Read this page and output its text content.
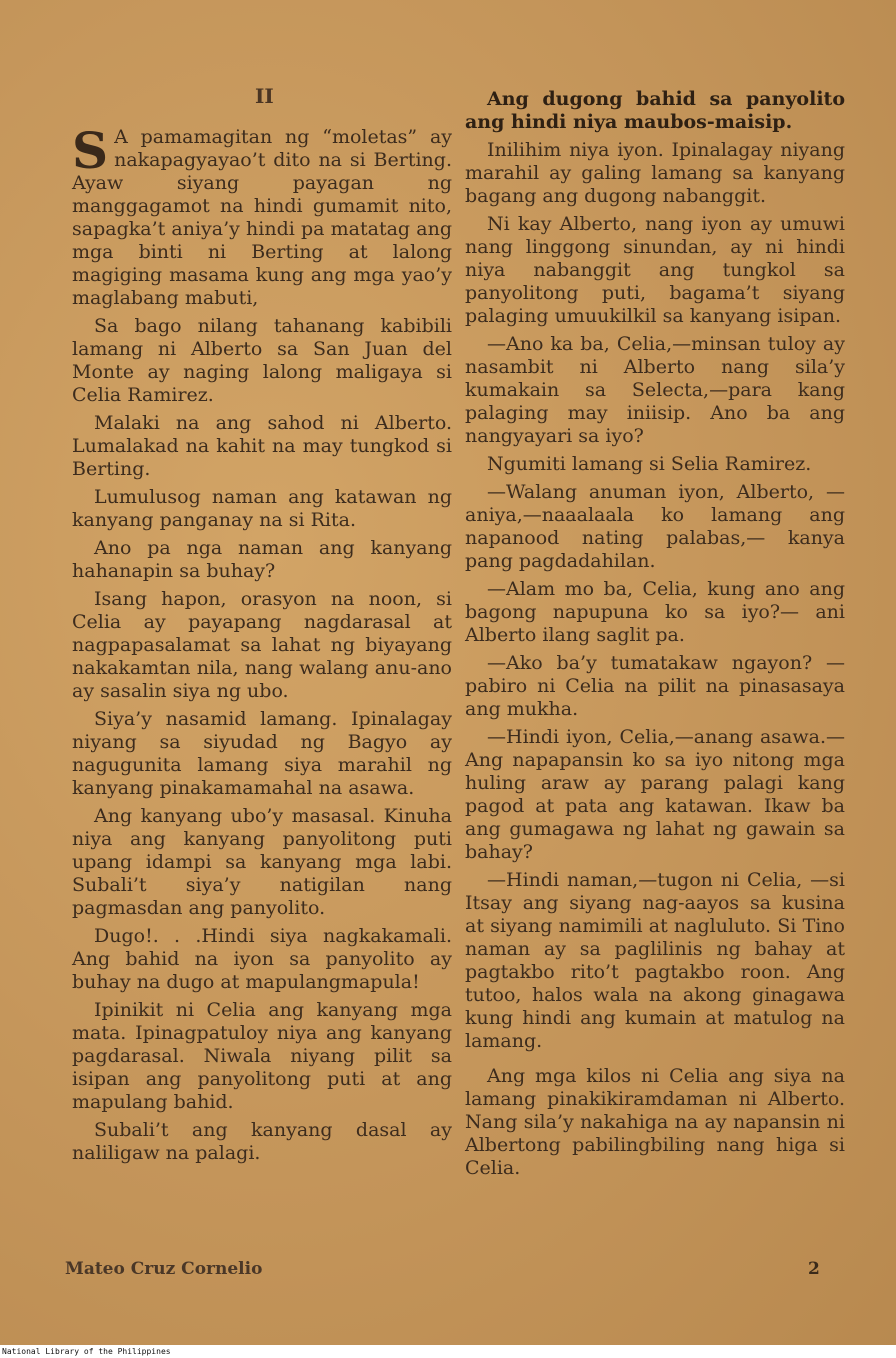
II

S A pamamagitan ng “moletas” ay nakapagyayao’t dito na si Berting. Ayaw siyang payagan ng manggagamot na hindi gumamit nito, sapagka’t aniya’y hindi pa matatag ang mga binti ni Berting at lalong magiging masama kung ang mga yao’y maglabang mabuti,

Sa bago nilang tahanang kabibili lamang ni Alberto sa San Juan del Monte ay naging lalong maligaya si Celia Ramirez.

Malaki na ang sahod ni Alberto. Lumalakad na kahit na may tungkod si Berting.

Lumulusog naman ang katawan ng kanyang panganay na si Rita.

Ano pa nga naman ang kanyang hahanapin sa buhay?

Isang hapon, orasyon na noon, si Celia ay payapang nagdarasal at nagpapasalamat sa lahat ng biyayang nakakamtan nila, nang walang anu-ano ay sasalin siya ng ubo.

Siya’y nasamid lamang. Ipinalagay niyang sa siyudad ng Bagyo ay nagugunita lamang siya marahil ng kanyang pinakamamahal na asawa.

Ang kanyang ubo’y masasal. Kinuha niya ang kanyang panyolitong puti upang idampi sa kanyang mga labi. Subali’t siya’y natigilan nang pagmasdan ang panyolito.

Dugo!. . .Hindi siya nagkakamali. Ang bahid na iyon sa panyolito ay buhay na dugo at mapulangmapula!

Ipinikit ni Celia ang kanyang mga mata. Ipinagpatuloy niya ang kanyang pagdarasal. Niwala niyang pilit sa isipan ang panyolitong puti at ang mapulang bahid.

Subali’t ang kanyang dasal ay naliligaw na palagi.

Ang dugong bahid sa panyolito ang hindi niya maubos-maisip.

Inilihim niya iyon. Ipinalagay niyang marahil ay galing lamang sa kanyang bagang ang dugong nabanggit.

Ni kay Alberto, nang iyon ay umuwi nang linggong sinundan, ay ni hindi niya nabanggit ang tungkol sa panyolitong puti, bagama’t siyang palaging umuukilkil sa kanyang isipan.

—Ano ka ba, Celia,—minsan tuloy ay nasambit ni Alberto nang sila’y kumakain sa Selecta,—para kang palaging may iniisip. Ano ba ang nangyayari sa iyo?

Ngumiti lamang si Selia Ramirez.

—Walang anuman iyon, Alberto, —aniya,—naaalaala ko lamang ang napanood nating palabas,— kanya pang pagdadahilan.

—Alam mo ba, Celia, kung ano ang bagong napupuna ko sa iyo?— ani Alberto ilang saglit pa.

—Ako ba’y tumatakaw ngayon? —pabiro ni Celia na pilit na pinasasaya ang mukha.

—Hindi iyon, Celia,—anang asawa.—Ang napapansin ko sa iyo nitong mga huling araw ay parang palagi kang pagod at pata ang katawan. Ikaw ba ang gumagawa ng lahat ng gawain sa bahay?

—Hindi naman,—tugon ni Celia, —si Itsay ang siyang nag-aayos sa kusina at siyang namimili at nagluluto. Si Tino naman ay sa paglilinis ng bahay at pagtakbo rito’t pagtakbo roon. Ang tutoo, halos wala na akong ginagawa kung hindi ang kumain at matulog na lamang.

Ang mga kilos ni Celia ang siya na lamang pinakikiramdaman ni Alberto. Nang sila’y nakahiga na ay napansin ni Albertong pabilingbiling nang higa si Celia.

Mateo Cruz Cornelio	2
National Library of the Philippines
